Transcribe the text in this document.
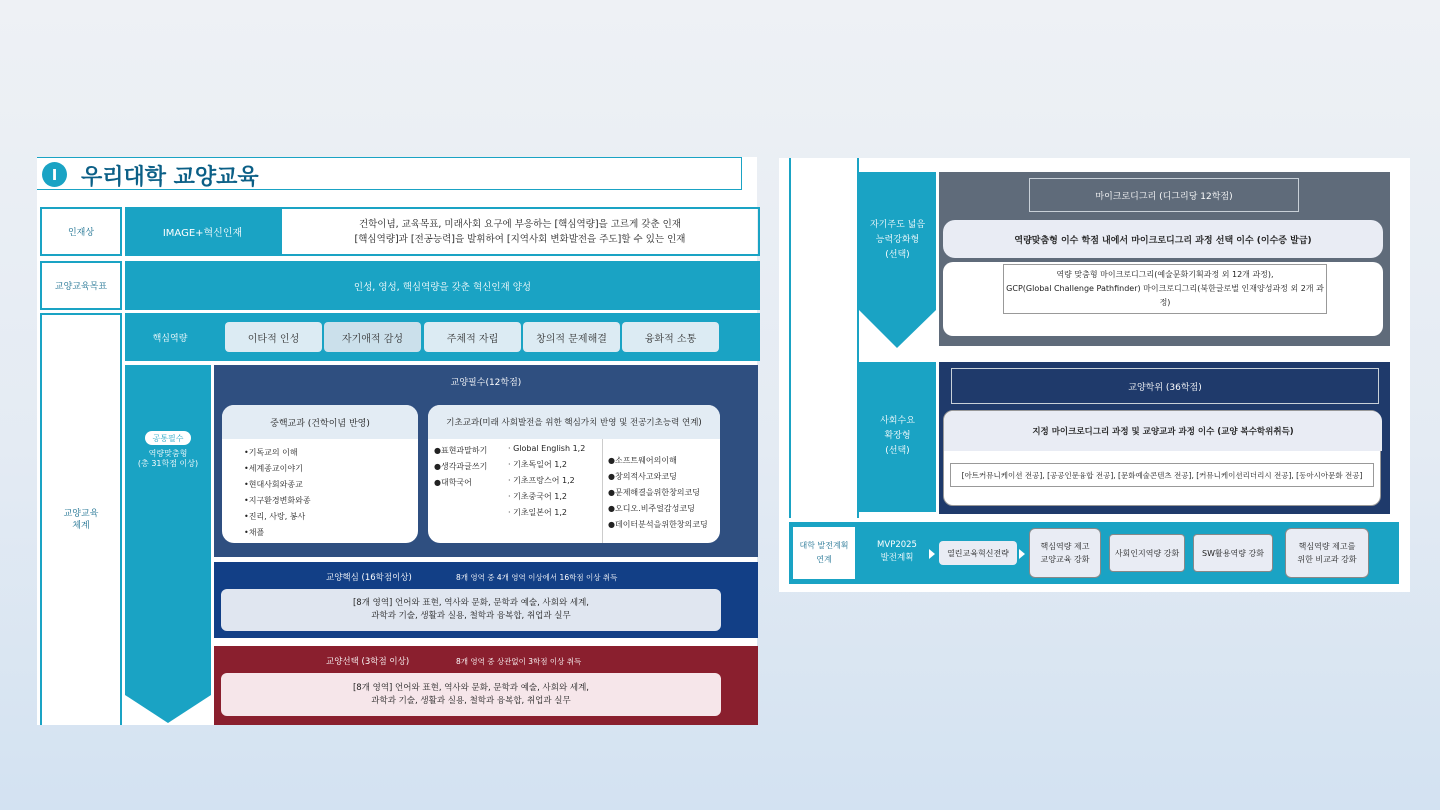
I 우리대학 교양교육
인재상	IMAGE+혁신인재
건학이념, 교육목표, 미래사회 요구에 부응하는 [핵심역량]을 고르게 갖춘 인재
[핵심역량]과 [전공능력]을 발휘하여 [지역사회 변화발전을 주도]할 수 있는 인재
교양교육목표	인성, 영성, 핵심역량을 갖춘 혁신인재 양성
교양교육
체계
핵심역량	이타적 인성	자기애적 감성	주체적 자립	창의적 문제해결	융화적 소통
공통필수
역량맞춤형
(총 31학점 이상)
교양필수(12학점)
중핵교과 (건학이념 반영)
•기독교의 이해
•세계종교이야기
•현대사회와종교
•지구환경변화와종
•진리, 사랑, 봉사
•채플
기초교과(미래 사회발전을 위한 핵심가치 반영 및 전공기초능력 연계)
●표현과말하기
●생각과글쓰기
●대학국어
· Global English 1,2
· 기초독일어 1,2
· 기초프랑스어 1,2
· 기초중국어 1,2
· 기초일본어 1,2
●소프트웨어의이해
●창의적사고와코딩
●문제해결을위한창의코딩
●오디오.비주얼감성코딩
●데이터분석을위한창의코딩
교양핵심 (16학점이상)	8개 영역 중 4개 영역 이상에서 16학점 이상 취득
[8개 영역] 언어와 표현, 역사와 문화, 문학과 예술, 사회와 세계,
과학과 기술, 생활과 실용, 철학과 융복합, 취업과 실무
교양선택 (3학점 이상)	8개 영역 중 상관없이 3학점 이상 취득
[8개 영역] 언어와 표현, 역사와 문화, 문학과 예술, 사회와 세계,
과학과 기술, 생활과 실용, 철학과 융복합, 취업과 실무
자기주도 넓음
능력강화형
(선택)
마이크로디그리 (디그리당 12학점)
역량맞춤형 이수 학점 내에서 마이크로디그리 과정 선택 이수 (이수증 발급)
역량 맞춤형 마이크로디그리(예술문화기획과정 외 12개 과정),
GCP(Global Challenge Pathfinder) 마이크로디그리(북한글로벌 인재양성과정 외 2개 과정)
사회수요
확장형
(선택)
교양학위 (36학점)
지정 마이크로디그리 과정 및 교양교과 과정 이수 (교양 복수학위취득)
[아트커뮤니케이션 전공], [공공인문융합 전공], [문화예술콘텐츠 전공], [커뮤니케이션리더리시 전공], [동아시아문화 전공]
대학 발전계획
연계
MVP2025
발전계획	열린교육혁신전략
핵심역량 제고
교양교육 강화
사회인지역량 강화	SW활용역량 강화
핵심역량 제고를
위한 비교과 강화
